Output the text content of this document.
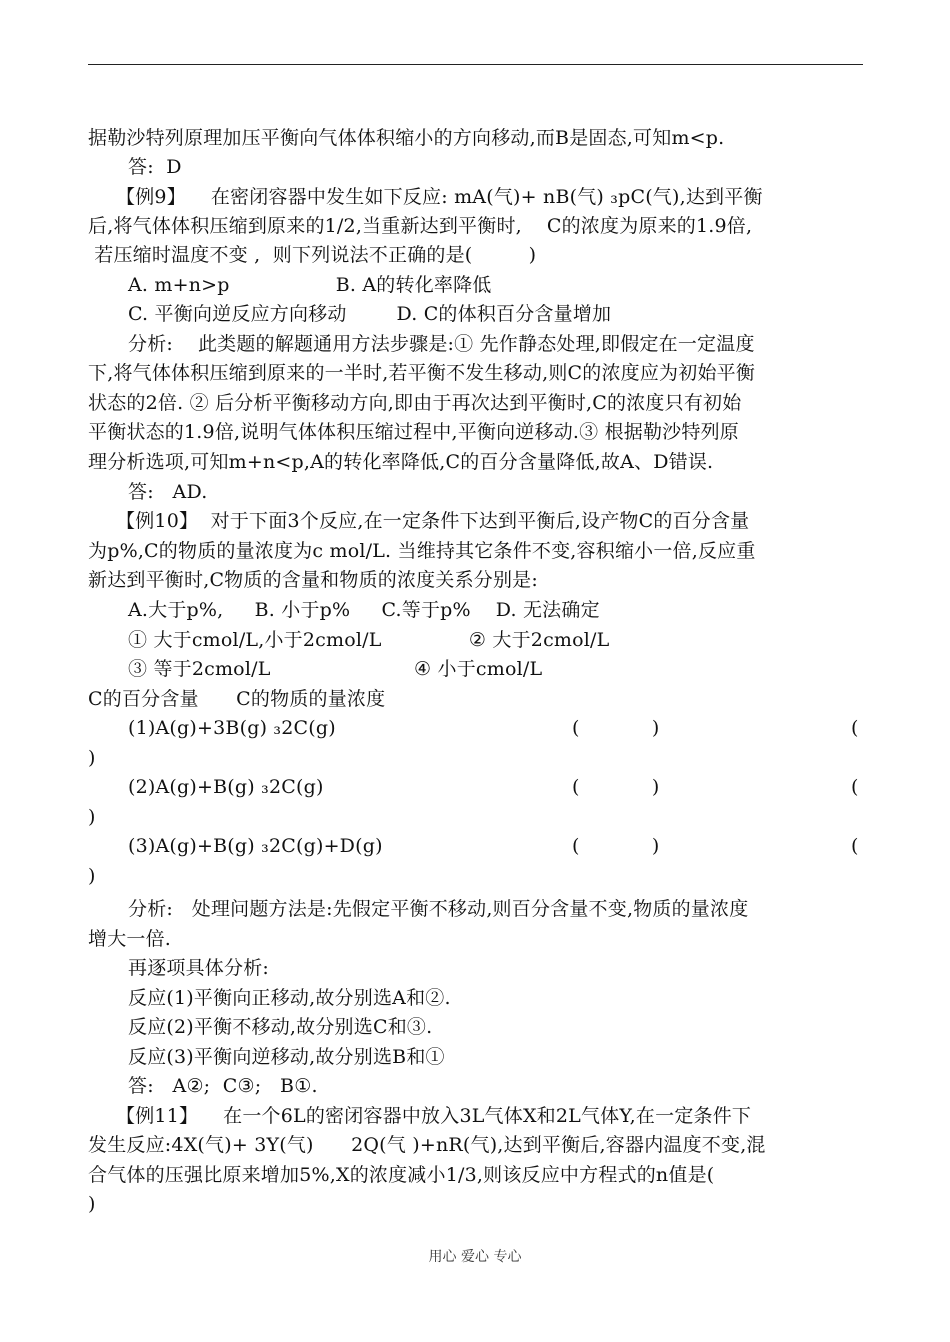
据勒沙特列原理加压平衡向气体体积缩小的方向移动,而B是固态,可知m<p.
答:  D
【例9】    在密闭容器中发生如下反应: mA(气)+ nB(气) ₃pC(气),达到平衡
后,将气体体积压缩到原来的1/2,当重新达到平衡时,    C的浓度为原来的1.9倍,
若压缩时温度不变 ,  则下列说法不正确的是(         )
A. m+n>p                 B. A的转化率降低
C. 平衡向逆反应方向移动        D. C的体积百分含量增加
分析:    此类题的解题通用方法步骤是:① 先作静态处理,即假定在一定温度
下,将气体体积压缩到原来的一半时,若平衡不发生移动,则C的浓度应为初始平衡
状态的2倍. ② 后分析平衡移动方向,即由于再次达到平衡时,C的浓度只有初始
平衡状态的1.9倍,说明气体体积压缩过程中,平衡向逆移动.③ 根据勒沙特列原
理分析选项,可知m+n<p,A的转化率降低,C的百分含量降低,故A、D错误.
答:   AD.
【例10】  对于下面3个反应,在一定条件下达到平衡后,设产物C的百分含量
为p%,C的物质的量浓度为c mol/L. 当维持其它条件不变,容积缩小一倍,反应重
新达到平衡时,C物质的含量和物质的浓度关系分别是:
A.大于p%,     B. 小于p%     C.等于p%    D. 无法确定
① 大于cmol/L,小于2cmol/L              ② 大于2cmol/L
③ 等于2cmol/L                       ④ 小于cmol/L
C的百分含量      C的物质的量浓度
(1)A(g)+3B(g) ₃2C(g)	(            )	(
)
(2)A(g)+B(g) ₃2C(g)	(            )	(
)
(3)A(g)+B(g) ₃2C(g)+D(g)	(            )	(
)
分析:   处理问题方法是:先假定平衡不移动,则百分含量不变,物质的量浓度
增大一倍.
再逐项具体分析:
反应(1)平衡向正移动,故分别选A和②.
反应(2)平衡不移动,故分别选C和③.
反应(3)平衡向逆移动,故分别选B和①
答:   A②;  C③;   B①.
【例11】    在一个6L的密闭容器中放入3L气体X和2L气体Y,在一定条件下
发生反应:4X(气)+ 3Y(气)      2Q(气 )+nR(气),达到平衡后,容器内温度不变,混
合气体的压强比原来增加5%,X的浓度减小1/3,则该反应中方程式的n值是(
)
用心 爱心 专心
